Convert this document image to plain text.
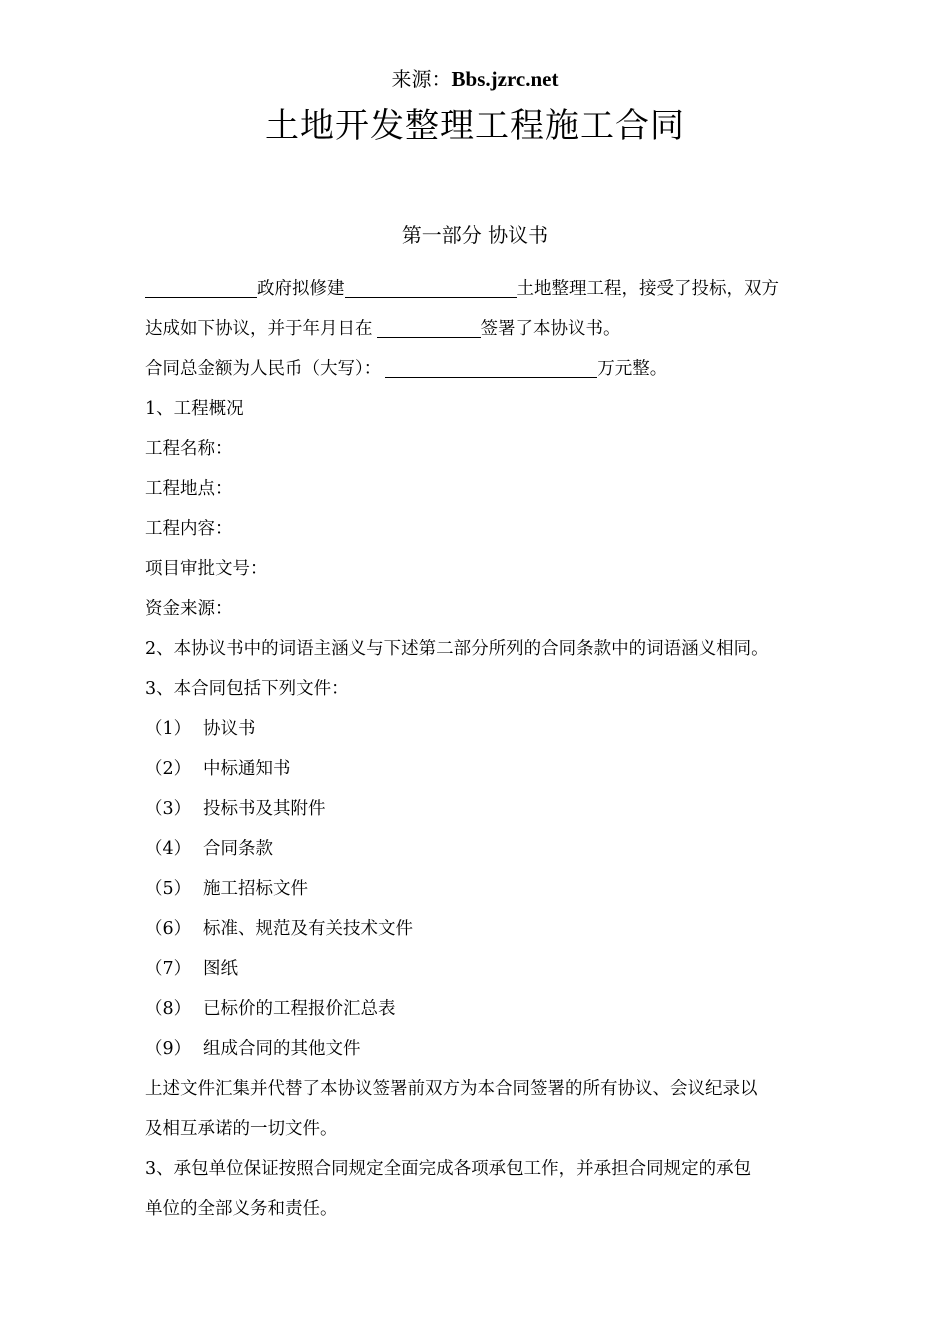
来源：Bbs.jzrc.net
土地开发整理工程施工合同
第一部分 协议书
政府拟修建	土地整理工程，接受了投标，双方
达成如下协议，并于年月日在	签署了本协议书。
合同总金额为人民币（大写）：	万元整。
1、工程概况
工程名称：
工程地点：
工程内容：
项目审批文号：
资金来源：
2、本协议书中的词语主涵义与下述第二部分所列的合同条款中的词语涵义相同。
3、本合同包括下列文件：
（1） 协议书
（2） 中标通知书
（3） 投标书及其附件
（4） 合同条款
（5） 施工招标文件
（6） 标准、规范及有关技术文件
（7） 图纸
（8） 已标价的工程报价汇总表
（9） 组成合同的其他文件
上述文件汇集并代替了本协议签署前双方为本合同签署的所有协议、会议纪录以
及相互承诺的一切文件。
3、承包单位保证按照合同规定全面完成各项承包工作，并承担合同规定的承包
单位的全部义务和责任。
